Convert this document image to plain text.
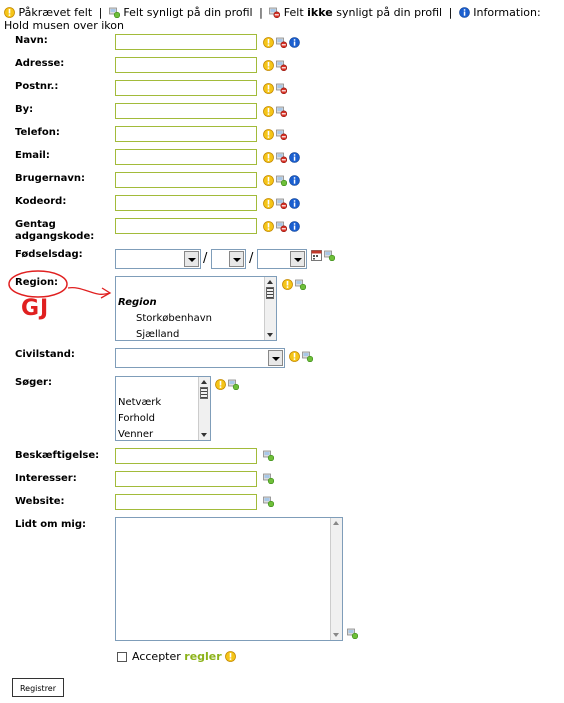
Påkrævet felt | Felt synligt på din profil | Felt ikke synligt på din profil | Information: Hold musen over ikon
Navn:
Adresse:
Postnr.:
By:
Telefon:
Email:
Brugernavn:
Kodeord:
Gentag
adgangskode:
Fødselsdag:	/	/
Region:
GJ	Region
Storkøbenhavn
Sjælland
Civilstand:
Søger:
Netværk
Forhold
Venner
Beskæftigelse:
Interesser:
Website:
Lidt om mig:
Accepter regler
Registrer
